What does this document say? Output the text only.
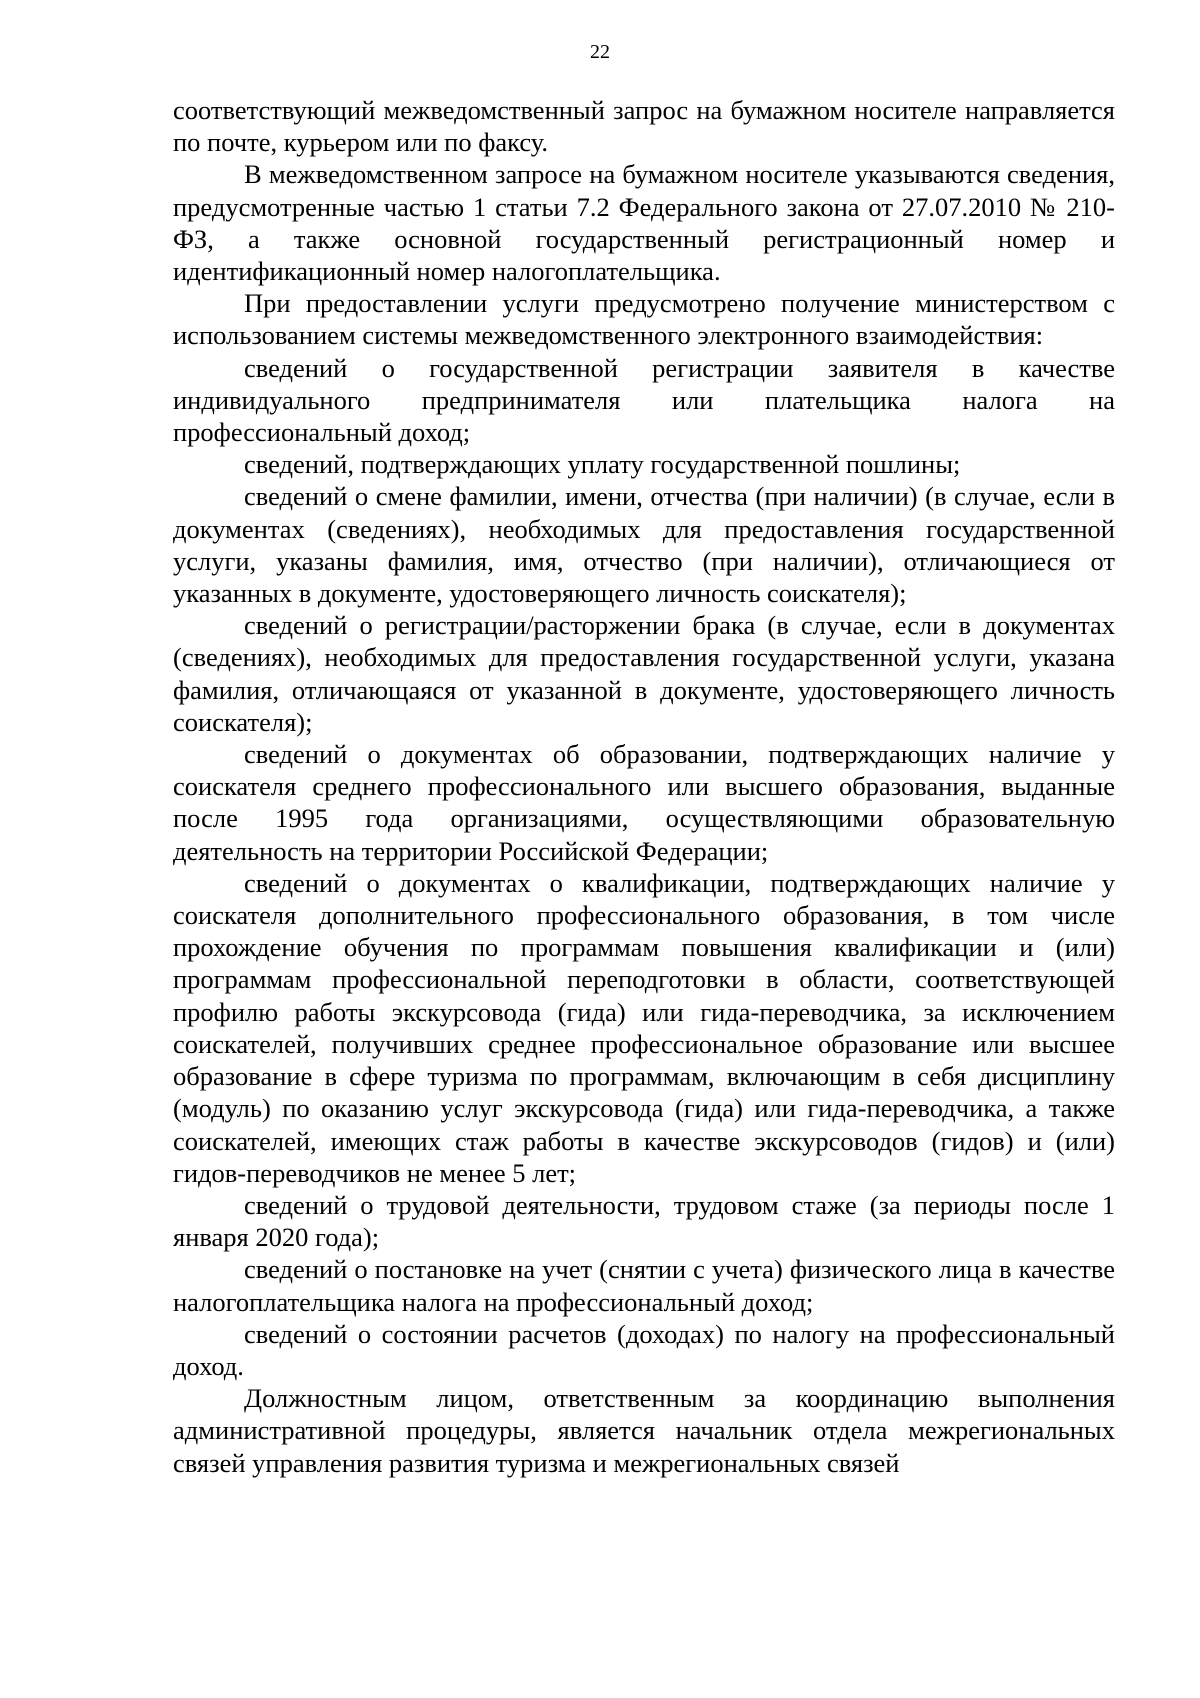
22

соответствующий межведомственный запрос на бумажном носителе направляется по почте, курьером или по факсу.

В межведомственном запросе на бумажном носителе указываются сведения, предусмотренные частью 1 статьи 7.2 Федерального закона от 27.07.2010 № 210-ФЗ, а также основной государственный регистрационный номер и идентификационный номер налогоплательщика.

При предоставлении услуги предусмотрено получение министерством с использованием системы межведомственного электронного взаимодействия:

сведений о государственной регистрации заявителя в качестве индивидуального предпринимателя или плательщика налога на профессиональный доход;

сведений, подтверждающих уплату государственной пошлины;

сведений о смене фамилии, имени, отчества (при наличии) (в случае, если в документах (сведениях), необходимых для предоставления государственной услуги, указаны фамилия, имя, отчество (при наличии), отличающиеся от указанных в документе, удостоверяющего личность соискателя);

сведений о регистрации/расторжении брака (в случае, если в документах (сведениях), необходимых для предоставления государственной услуги, указана фамилия, отличающаяся от указанной в документе, удостоверяющего личность соискателя);

сведений о документах об образовании, подтверждающих наличие у соискателя среднего профессионального или высшего образования, выданные после 1995 года организациями, осуществляющими образовательную деятельность на территории Российской Федерации;

сведений о документах о квалификации, подтверждающих наличие у соискателя дополнительного профессионального образования, в том числе прохождение обучения по программам повышения квалификации и (или) программам профессиональной переподготовки в области, соответствующей профилю работы экскурсовода (гида) или гида-переводчика, за исключением соискателей, получивших среднее профессиональное образование или высшее образование в сфере туризма по программам, включающим в себя дисциплину (модуль) по оказанию услуг экскурсовода (гида) или гида-переводчика, а также соискателей, имеющих стаж работы в качестве экскурсоводов (гидов) и (или) гидов-переводчиков не менее 5 лет;

сведений о трудовой деятельности, трудовом стаже (за периоды после 1 января 2020 года);

сведений о постановке на учет (снятии с учета) физического лица в качестве налогоплательщика налога на профессиональный доход;

сведений о состоянии расчетов (доходах) по налогу на профессиональный доход.

Должностным лицом, ответственным за координацию выполнения административной процедуры, является начальник отдела межрегиональных связей управления развития туризма и межрегиональных связей
